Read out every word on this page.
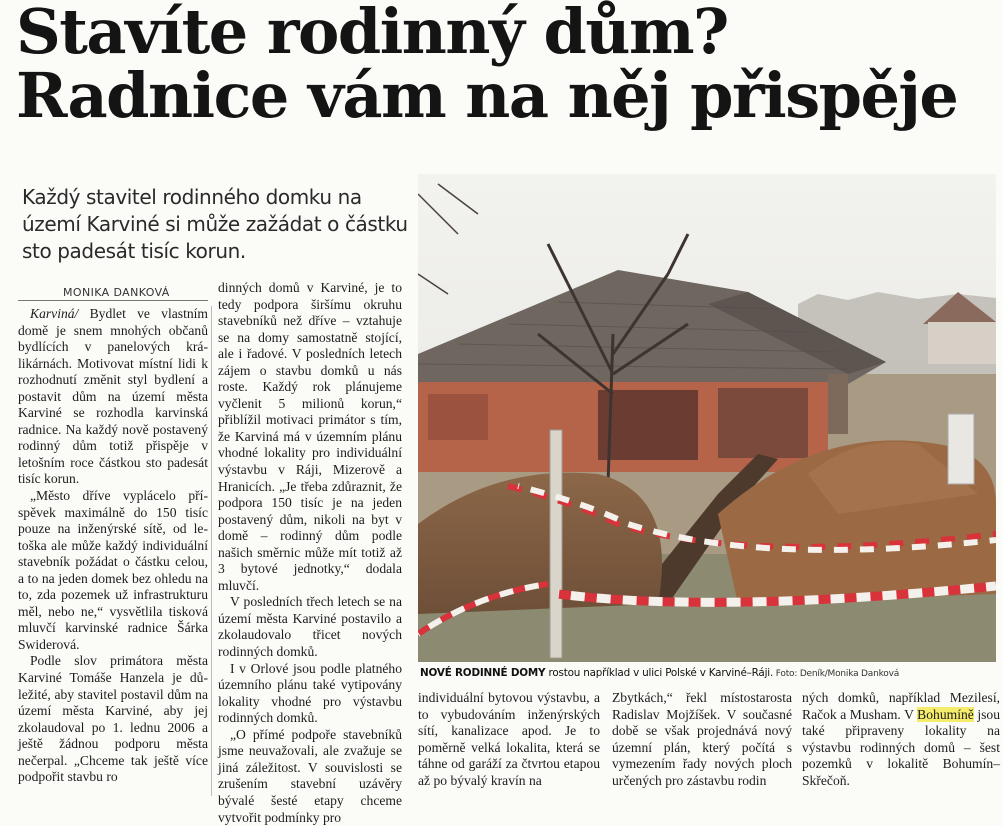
Stavíte rodinný dům?
Radnice vám na něj přispěje
Každý stavitel rodinného domku na území Karviné si může zažádat o částku sto padesát tisíc korun.
MONIKA DANKOVÁ

Karviná/ Bydlet ve vlastním domě je snem mnohých občanů bydlících v panelových králikárnách. Motivovat místní lidi k rozhodnutí změnit styl bydlení a postavit dům na území města Karviné se rozhodla karvinská radnice. Na každý nově postavený rodinný dům totiž přispěje v letošním roce částkou sto padesát tisíc korun.

„Město dříve vyplácelo příspěvek maximálně do 150 tisíc pouze na inženýrské sítě, od letoška ale může každý individuální stavebník požádat o částku celou, a to na jeden domek bez ohledu na to, zda pozemek už infrastrukturu měl, nebo ne,“ vysvětlila tisková mluvčí karvinské radnice Šárka Swiderová.

Podle slov primátora města Karviné Tomáše Hanzela je důležité, aby stavitel postavil dům na území města Karviné, aby jej zkolaudoval po 1. lednu 2006 a ještě žádnou podporu města nečerpal. „Chceme tak ještě více podpořit stavbu ro

dinných domů v Karviné, je to tedy podpora širšímu okruhu stavebníků než dříve – vztahuje se na domy samostatně stojící, ale i řadové. V posledních letech zájem o stavbu domků u nás roste. Každý rok plánujeme vyčlenit 5 milionů korun,“ přiblížil motivaci primátor s tím, že Karviná má v územním plánu vhodné lokality pro individuální výstavbu v Ráji, Mizerově a Hranicích. „Je třeba zdůraznit, že podpora 150 tisíc je na jeden postavený dům, nikoli na byt v domě – rodinný dům podle našich směrnic může mít totiž až 3 bytové jednotky,“ dodala mluvčí.

V posledních třech letech se na území města Karviné postavilo a zkolaudovalo třicet nových rodinných domků.

I v Orlové jsou podle platného územního plánu také vytipovány lokality vhodné pro výstavbu rodinných domků.

„O přímé podpoře stavebníků jsme neuvažovali, ale zvažuje se jiná záležitost. V souvislosti se zrušením stavební uzávěry bývalé šesté etapy chceme vytvořit podmínky pro

NOVÉ RODINNÉ DOMY rostou například v ulici Polské v Karviné–Ráji. Foto: Deník/Monika Danková

individuální bytovou výstavbu, a to vybudováním inženýrských sítí, kanalizace apod. Je to poměrně velká lokalita, která se táhne od garáží za čtvrtou etapou až po bývalý kravín na

Zbytkách,“ řekl místostarosta Radislav Mojžíšek. V současné době se však projednává nový územní plán, který počítá s vymezením řady nových ploch určených pro zástavbu rodin

ných domků, například Mezilesí, Račok a Musham. V Bohumíně jsou také připraveny lokality na výstavbu rodinných domů – šest pozemků v lokalitě Bohumín–Skřečoň.
